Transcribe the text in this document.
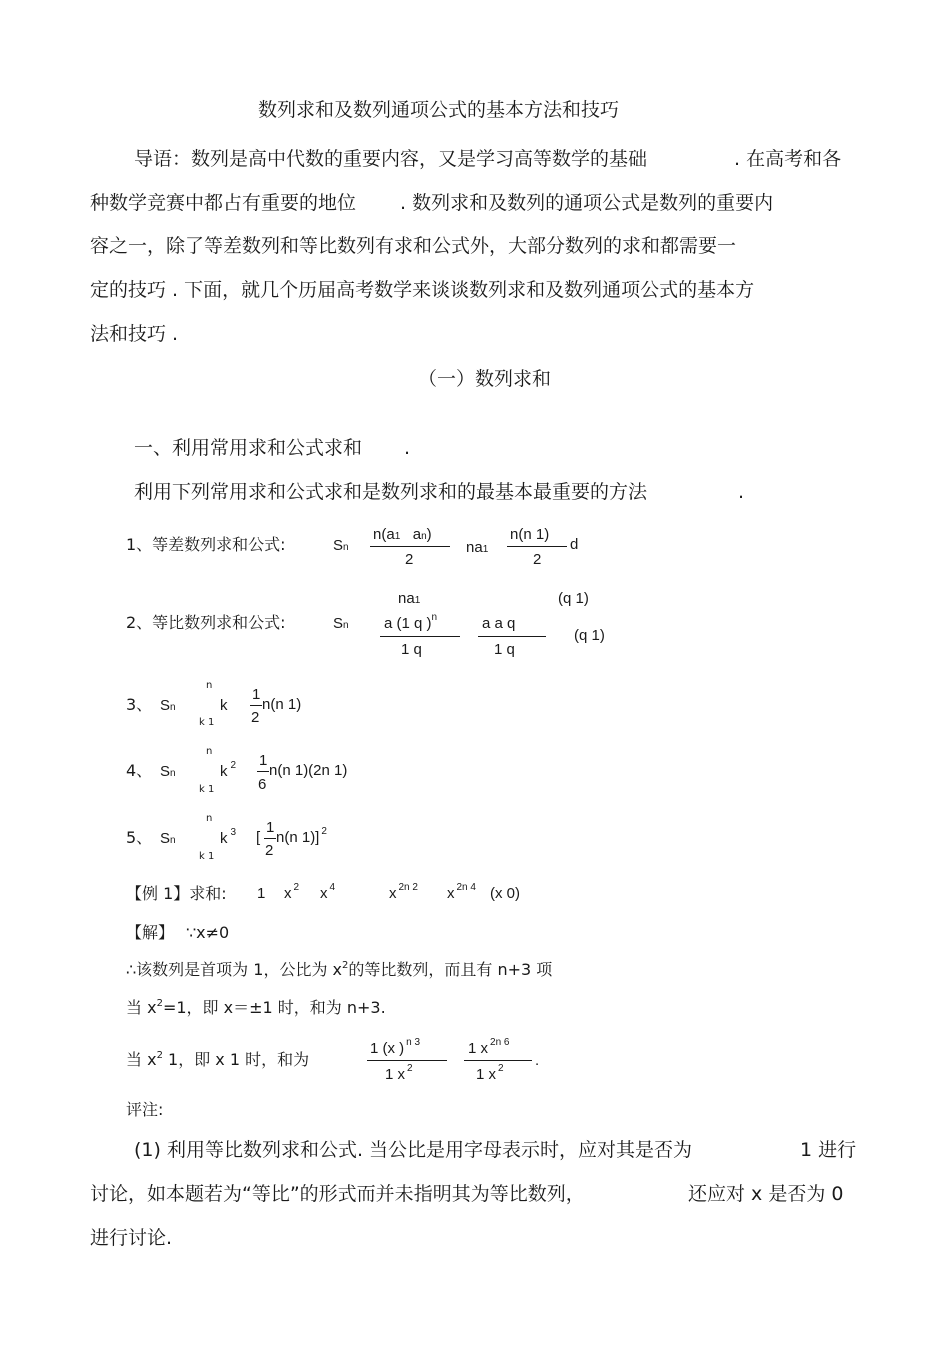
数列求和及数列通项公式的基本方法和技巧
导语：数列是高中代数的重要内容，又是学习高等数学的基础	. 在高考和各
种数学竞赛中都占有重要的地位 . 数列求和及数列的通项公式是数列的重要内
容之一，除了等差数列和等比数列有求和公式外，大部分数列的求和都需要一
定的技巧 . 下面，就几个历届高考数学来谈谈数列求和及数列通项公式的基本方
法和技巧 .
（一）数列求和
一、利用常用求和公式求和 .
利用下列常用求和公式求和是数列求和的最基本最重要的方法	.
1、等差数列求和公式:	Sn
n(a1 an)
2
na1
n(n 1)
2
d
na1	(q 1)
2、等比数列求和公式:	Sn a (1 q )$^n$
1 q
a a q
1 q
(q 1)
3、 Sn
n
k 1
k
1
2
n(n 1)
4、 Sn
n
k 1
k $^2$ 1
6
n(n 1)(2n 1)
5、 Sn
n
k 1
k $^3$ [
1
2
n(n 1)] $^2$
【例 1】求和: 1 x $^2$ x $^4$	x $^{2n 2}$ x $^{2n 4}$ (x 0)
【解】 ∵x≠0
∴该数列是首项为 1，公比为 $x^2$的等比数列，而且有 n+3 项
当 $x^2=1$，即 x＝±1 时，和为 n+3.
当 $x^2$ 1，即 x 1 时，和为
1 (x ) $^{n 3}$
1 x $^2$
1 x $^{2n 6}$
1 x $^2$ .
评注:
(1) 利用等比数列求和公式. 当公比是用字母表示时，应对其是否为	1 进行
讨论，如本题若为“等比”的形式而并未指明其为等比数列，	还应对 x 是否为 0
进行讨论.
